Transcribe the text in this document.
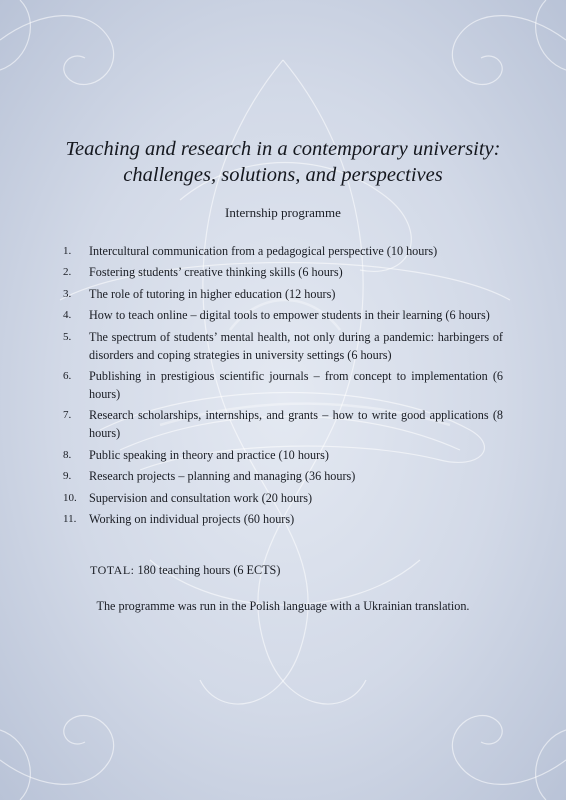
Teaching and research in a contemporary university:
challenges, solutions, and perspectives
Internship programme
1.	Intercultural communication from a pedagogical perspective (10 hours)
2.	Fostering students’ creative thinking skills (6 hours)
3.	The role of tutoring in higher education (12 hours)
4.	How to teach online – digital tools to empower students in their learning (6 hours)
5.	The spectrum of students’ mental health, not only during a pandemic: harbingers of disorders and coping strategies in university settings (6 hours)
6.	Publishing in prestigious scientific journals – from concept to implementation (6 hours)
7.	Research scholarships, internships, and grants – how to write good applications (8 hours)
8.	Public speaking in theory and practice (10 hours)
9.	Research projects – planning and managing (36 hours)
10.	Supervision and consultation work (20 hours)
11.	Working on individual projects (60 hours)
TOTAL: 180 teaching hours (6 ECTS)
The programme was run in the Polish language with a Ukrainian translation.
